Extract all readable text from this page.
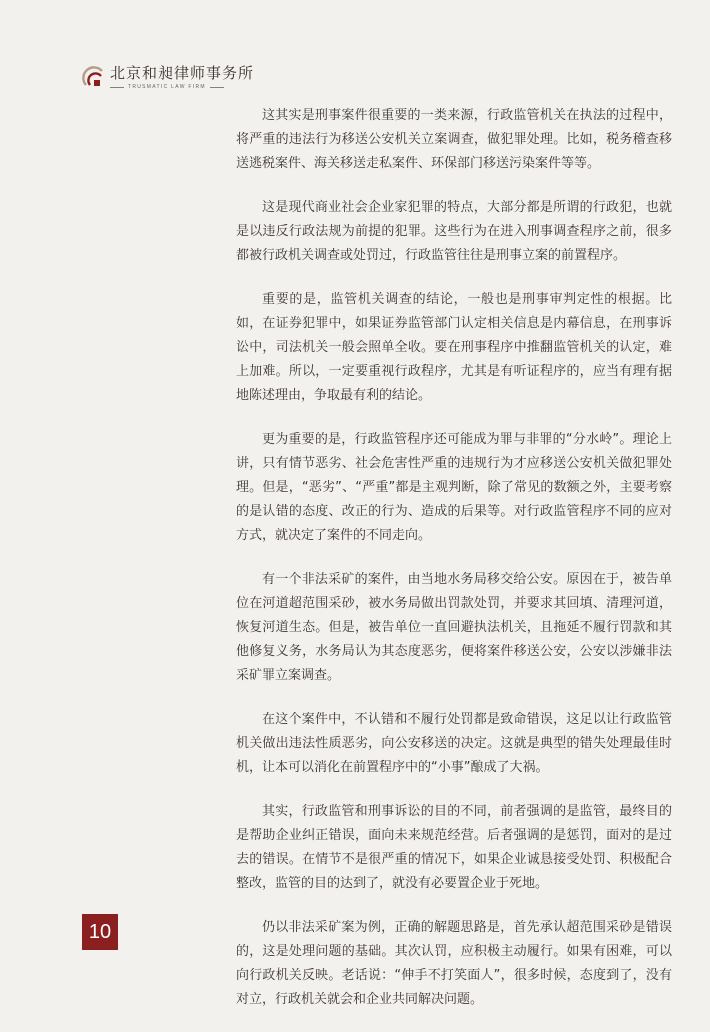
北京和昶律师事务所
TRUSMATIC LAW FIRM

这其实是刑事案件很重要的一类来源，行政监管机关在执法的过程中，将严重的违法行为移送公安机关立案调查，做犯罪处理。比如，税务稽查移送逃税案件、海关移送走私案件、环保部门移送污染案件等等。

这是现代商业社会企业家犯罪的特点，大部分都是所谓的行政犯，也就是以违反行政法规为前提的犯罪。这些行为在进入刑事调查程序之前，很多都被行政机关调查或处罚过，行政监管往往是刑事立案的前置程序。

重要的是，监管机关调查的结论，一般也是刑事审判定性的根据。比如，在证券犯罪中，如果证券监管部门认定相关信息是内幕信息，在刑事诉讼中，司法机关一般会照单全收。要在刑事程序中推翻监管机关的认定，难上加难。所以，一定要重视行政程序，尤其是有听证程序的，应当有理有据地陈述理由，争取最有利的结论。

更为重要的是，行政监管程序还可能成为罪与非罪的“分水岭”。理论上讲，只有情节恶劣、社会危害性严重的违规行为才应移送公安机关做犯罪处理。但是，“恶劣”、“严重”都是主观判断，除了常见的数额之外，主要考察的是认错的态度、改正的行为、造成的后果等。对行政监管程序不同的应对方式，就决定了案件的不同走向。

有一个非法采矿的案件，由当地水务局移交给公安。原因在于，被告单位在河道超范围采砂，被水务局做出罚款处罚，并要求其回填、清理河道，恢复河道生态。但是，被告单位一直回避执法机关，且拖延不履行罚款和其他修复义务，水务局认为其态度恶劣，便将案件移送公安，公安以涉嫌非法采矿罪立案调查。

在这个案件中，不认错和不履行处罚都是致命错误，这足以让行政监管机关做出违法性质恶劣，向公安移送的决定。这就是典型的错失处理最佳时机，让本可以消化在前置程序中的“小事”酿成了大祸。

其实，行政监管和刑事诉讼的目的不同，前者强调的是监管，最终目的是帮助企业纠正错误，面向未来规范经营。后者强调的是惩罚，面对的是过去的错误。在情节不是很严重的情况下，如果企业诚恳接受处罚、积极配合整改，监管的目的达到了，就没有必要置企业于死地。

仍以非法采矿案为例，正确的解题思路是，首先承认超范围采砂是错误的，这是处理问题的基础。其次认罚，应积极主动履行。如果有困难，可以向行政机关反映。老话说：“伸手不打笑面人”，很多时候，态度到了，没有对立，行政机关就会和企业共同解决问题。

10
